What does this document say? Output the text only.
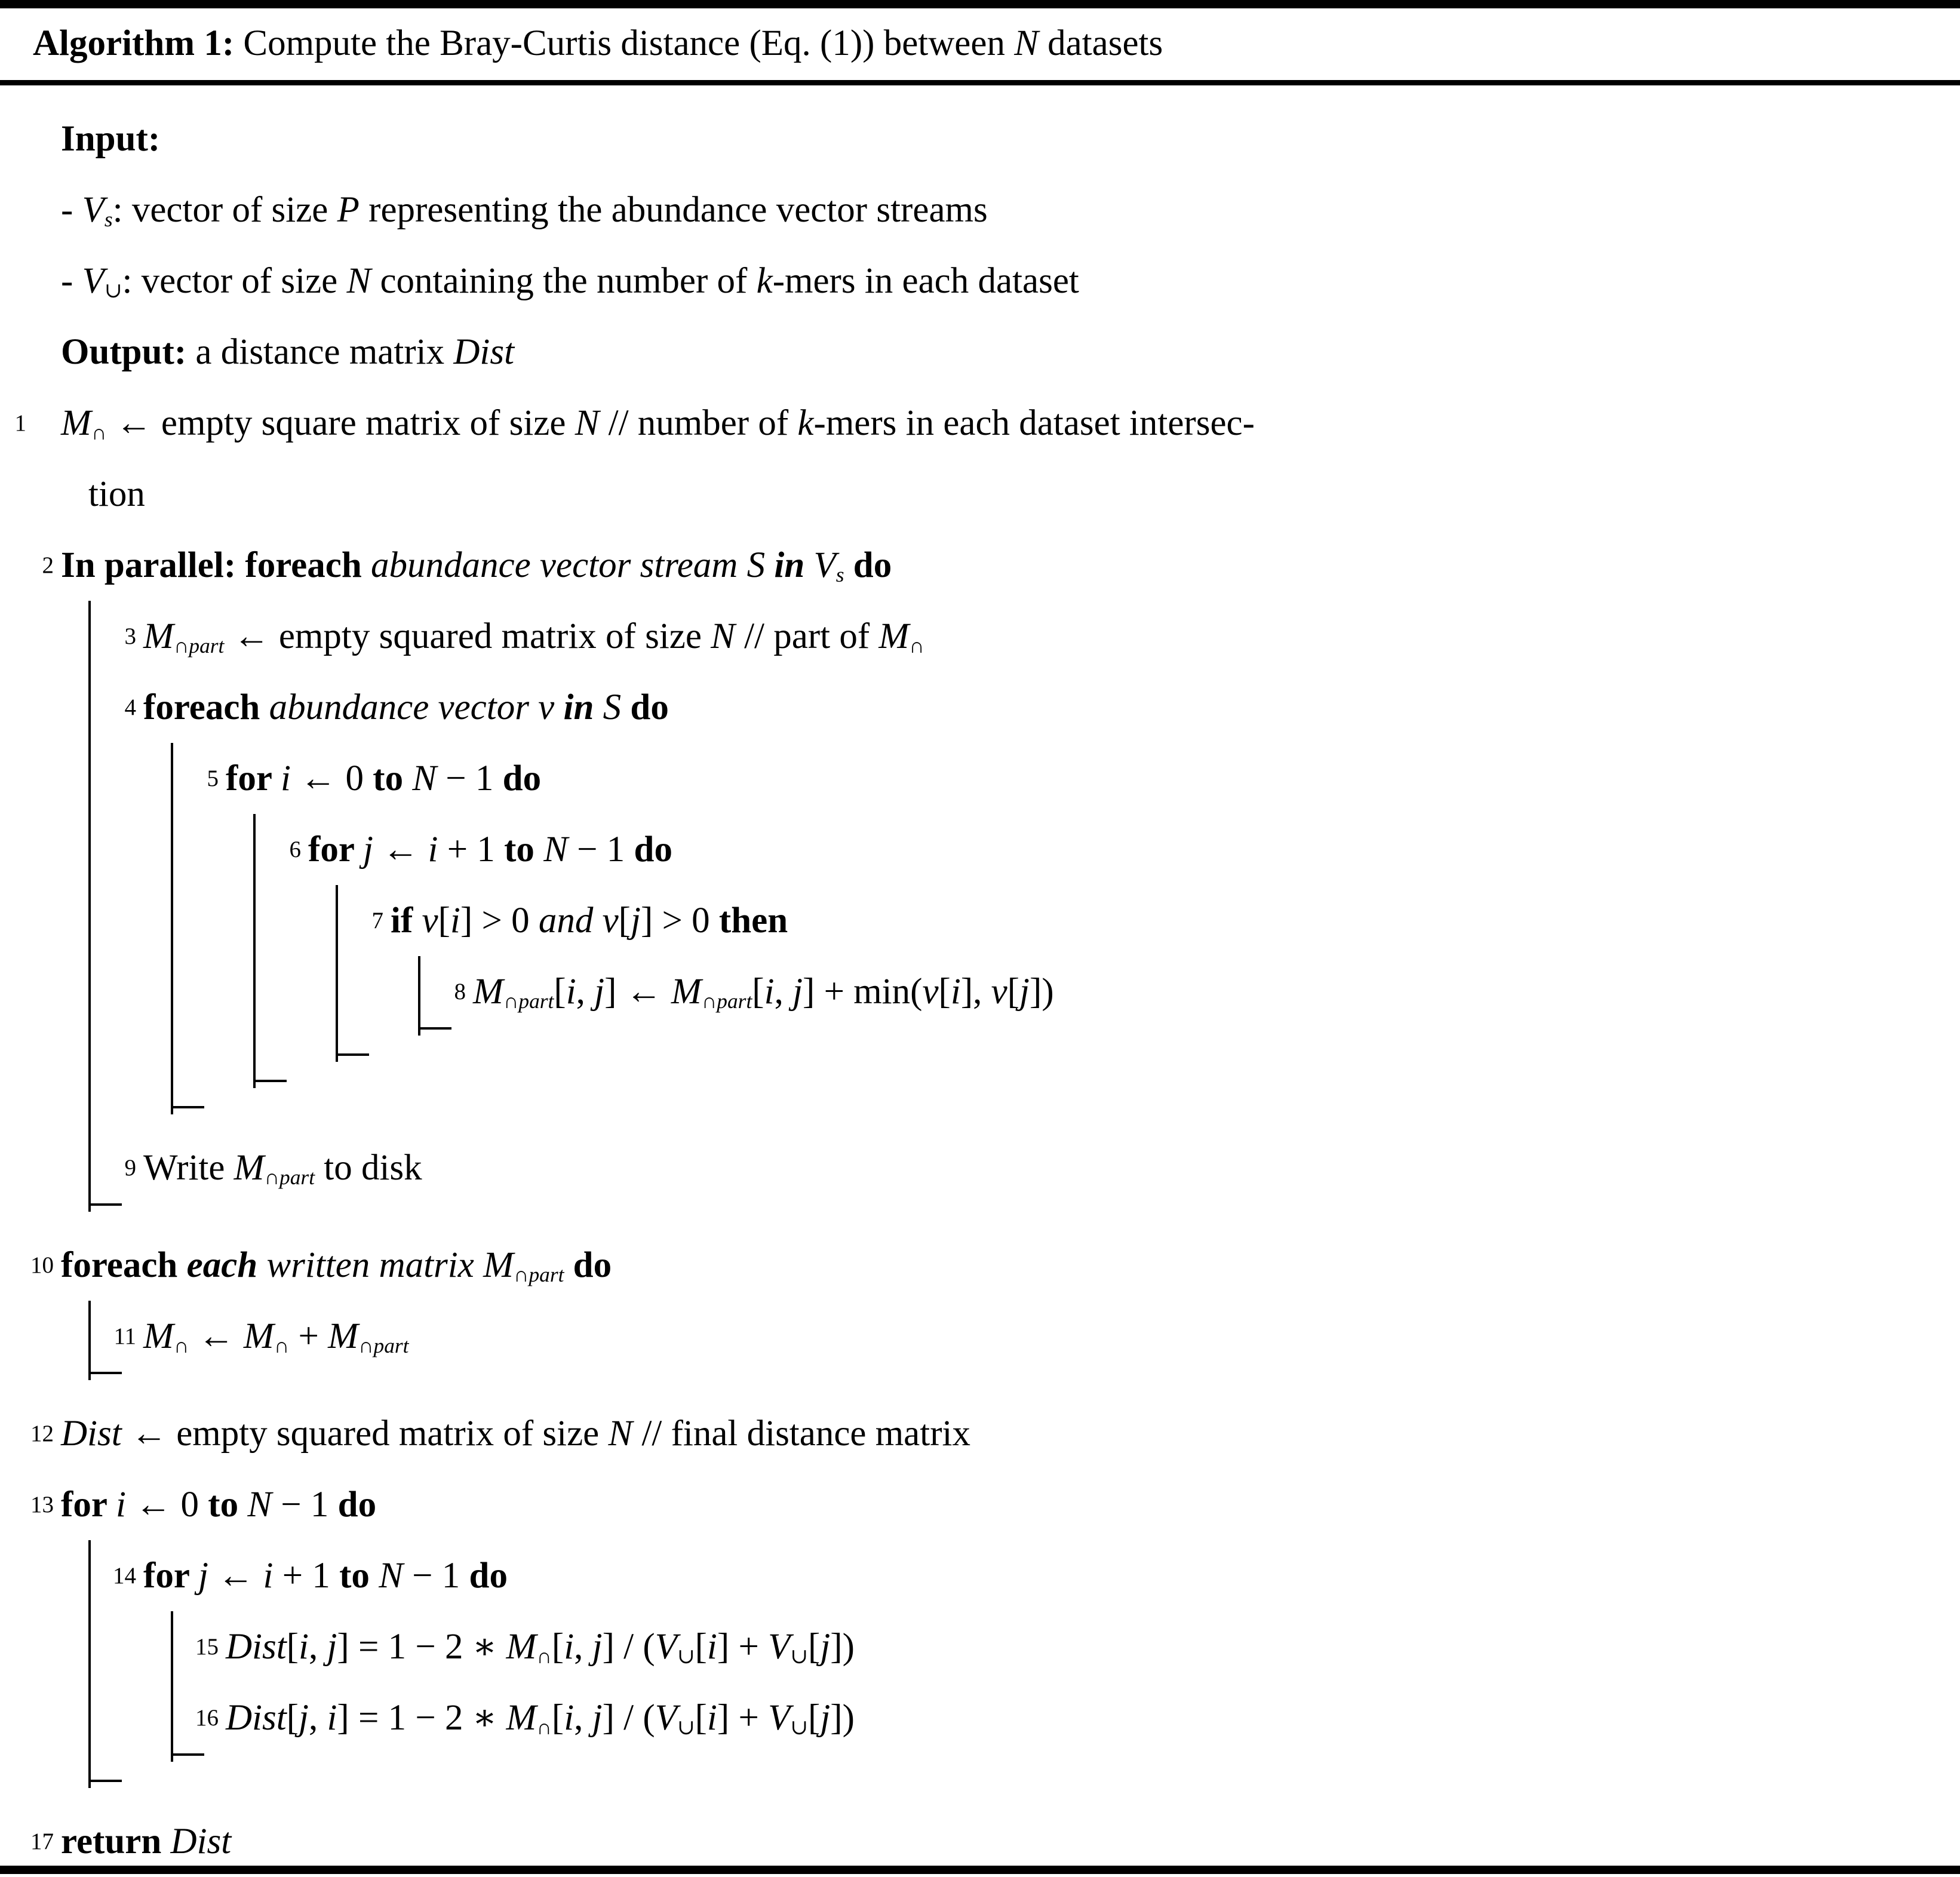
Algorithm 1: Compute the Bray-Curtis distance (Eq. (1)) between N datasets
Input:
- $V_s$: vector of size P representing the abundance vector streams
- $V_\cup$: vector of size N containing the number of k-mers in each dataset
Output: a distance matrix Dist
1 $M_\cap$ ← empty square matrix of size N // number of k-mers in each dataset intersec-
tion
2 In parallel: foreach abundance vector stream S in $V_s$ do
3 $M_{\cap part}$ ← empty squared matrix of size N // part of $M_\cap$
4 foreach abundance vector v in S do
5 for i ← 0 to N − 1 do
6 for j ← i + 1 to N − 1 do
7 if v[i] > 0 and v[j] > 0 then
8 $M_{\cap part}[i$, j] ← $M_{\cap part}[i$, j] + min(v[i], v[j])
9 Write $M_{\cap part}$ to disk
10 foreach each written matrix $M_{\cap part}$ do
11 $M_\cap$ ← $M_\cap + M_{\cap part}$
12 Dist ← empty squared matrix of size N // final distance matrix
13 for i ← 0 to N − 1 do
14 for j ← i + 1 to N − 1 do
15 Dist[i, j] = 1 − 2 ∗ $M_\cap[i$, $j] / (V_\cup[i] + V_\cup[j])$
16 Dist[j, i] = 1 − 2 ∗ $M_\cap[i$, $j] / (V_\cup[i] + V_\cup[j])$
17 return Dist
